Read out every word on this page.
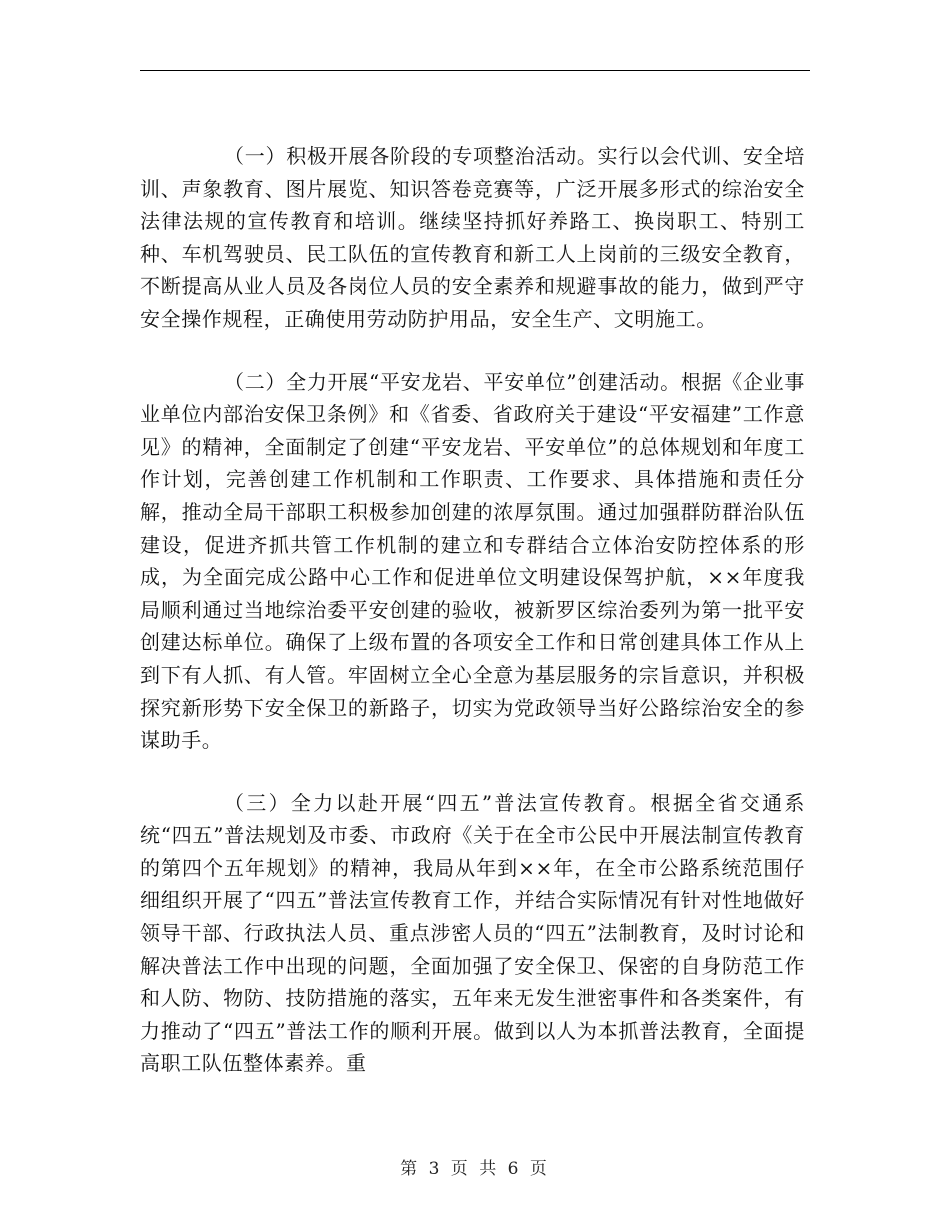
（一）积极开展各阶段的专项整治活动。实行以会代训、安全培训、声象教育、图片展览、知识答卷竞赛等，广泛开展多形式的综治安全法律法规的宣传教育和培训。继续坚持抓好养路工、换岗职工、特别工种、车机驾驶员、民工队伍的宣传教育和新工人上岗前的三级安全教育，不断提高从业人员及各岗位人员的安全素养和规避事故的能力，做到严守安全操作规程，正确使用劳动防护用品，安全生产、文明施工。

（二）全力开展“平安龙岩、平安单位”创建活动。根据《企业事业单位内部治安保卫条例》和《省委、省政府关于建设“平安福建”工作意见》的精神，全面制定了创建“平安龙岩、平安单位”的总体规划和年度工作计划，完善创建工作机制和工作职责、工作要求、具体措施和责任分解，推动全局干部职工积极参加创建的浓厚氛围。通过加强群防群治队伍建设，促进齐抓共管工作机制的建立和专群结合立体治安防控体系的形成，为全面完成公路中心工作和促进单位文明建设保驾护航，××年度我局顺利通过当地综治委平安创建的验收，被新罗区综治委列为第一批平安创建达标单位。确保了上级布置的各项安全工作和日常创建具体工作从上到下有人抓、有人管。牢固树立全心全意为基层服务的宗旨意识，并积极探究新形势下安全保卫的新路子，切实为党政领导当好公路综治安全的参谋助手。

（三）全力以赴开展“四五”普法宣传教育。根据全省交通系统“四五”普法规划及市委、市政府《关于在全市公民中开展法制宣传教育的第四个五年规划》的精神，我局从年到××年，在全市公路系统范围仔细组织开展了“四五”普法宣传教育工作，并结合实际情况有针对性地做好领导干部、行政执法人员、重点涉密人员的“四五”法制教育，及时讨论和解决普法工作中出现的问题，全面加强了安全保卫、保密的自身防范工作和人防、物防、技防措施的落实，五年来无发生泄密事件和各类案件，有力推动了“四五”普法工作的顺利开展。做到以人为本抓普法教育，全面提高职工队伍整体素养。重

第 3 页 共 6 页
